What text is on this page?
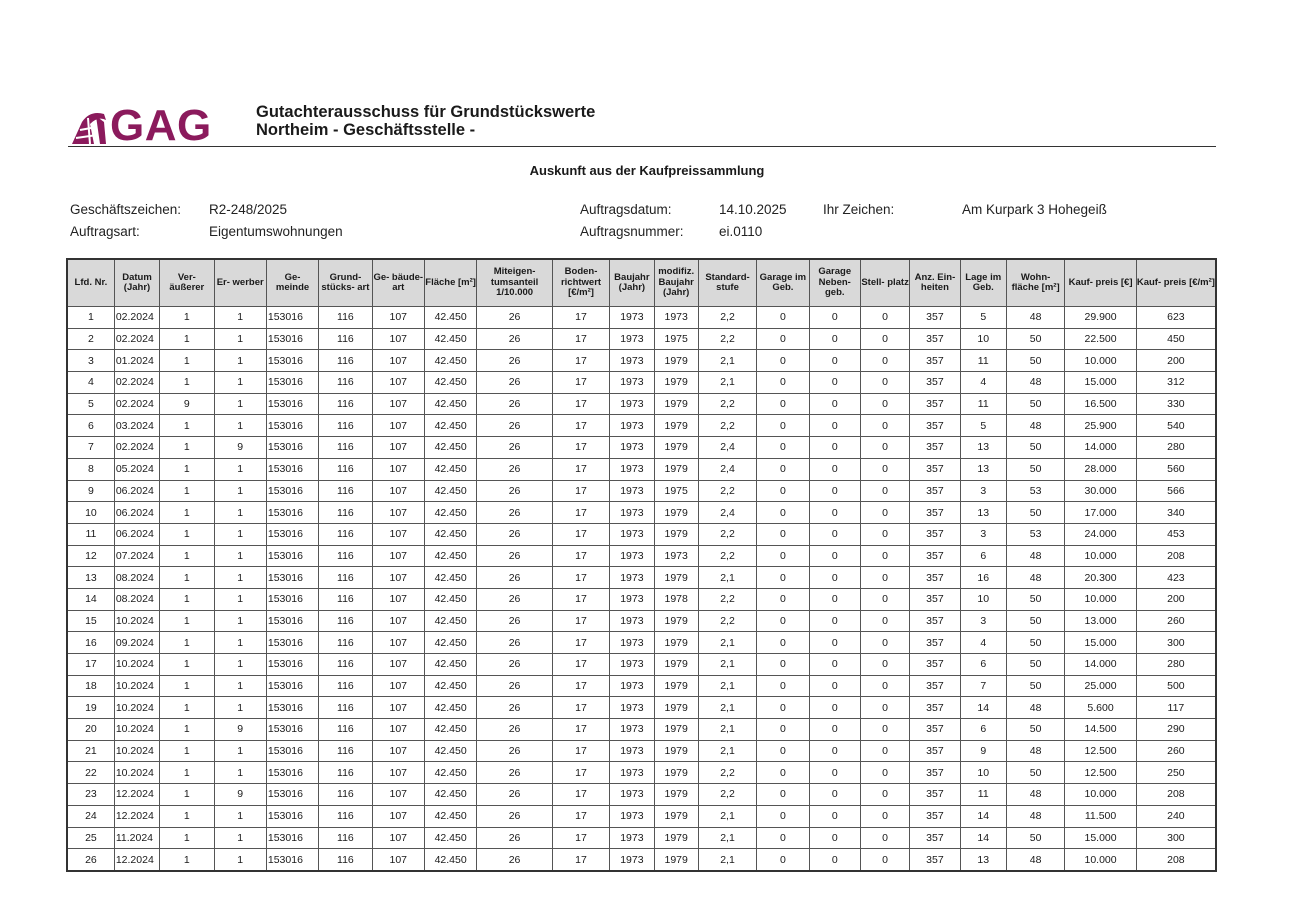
GAG	Gutachterausschuss für Grundstückswerte
Northeim - Geschäftsstelle -
Auskunft aus der Kaufpreissammlung
Geschäftszeichen: R2-248/2025
Auftragsart:	Eigentumswohnungen
Auftragsdatum:	14.10.2025
Auftragsnummer:	ei.0110
Ihr Zeichen:	Am Kurpark 3 Hohegeiß
Lfd. Nr.	Datum (Jahr)	Ver- äußerer	Er- werber	Ge- meinde	Grund- stücks- art	Ge- bäude- art	Fläche [m²]	Miteigen- tumsanteil 1/10.000	Boden- richtwert [€/m²]	Baujahr (Jahr)	modifiz. Baujahr (Jahr)	Standard- stufe	Garage im Geb.	Garage Neben- geb.	Stell- platz	Anz. Ein- heiten	Lage im Geb.	Wohn- fläche [m²]	Kauf- preis [€]	Kauf- preis [€/m²]
1	02.2024	1	1	153016	116	107	42.450	26	17	1973	1973	2,2	0	0	0	357	5	48	29.900	623
2	02.2024	1	1	153016	116	107	42.450	26	17	1973	1975	2,2	0	0	0	357	10	50	22.500	450
3	01.2024	1	1	153016	116	107	42.450	26	17	1973	1979	2,1	0	0	0	357	11	50	10.000	200
4	02.2024	1	1	153016	116	107	42.450	26	17	1973	1979	2,1	0	0	0	357	4	48	15.000	312
5	02.2024	9	1	153016	116	107	42.450	26	17	1973	1979	2,2	0	0	0	357	11	50	16.500	330
6	03.2024	1	1	153016	116	107	42.450	26	17	1973	1979	2,2	0	0	0	357	5	48	25.900	540
7	02.2024	1	9	153016	116	107	42.450	26	17	1973	1979	2,4	0	0	0	357	13	50	14.000	280
8	05.2024	1	1	153016	116	107	42.450	26	17	1973	1979	2,4	0	0	0	357	13	50	28.000	560
9	06.2024	1	1	153016	116	107	42.450	26	17	1973	1975	2,2	0	0	0	357	3	53	30.000	566
10	06.2024	1	1	153016	116	107	42.450	26	17	1973	1979	2,4	0	0	0	357	13	50	17.000	340
11	06.2024	1	1	153016	116	107	42.450	26	17	1973	1979	2,2	0	0	0	357	3	53	24.000	453
12	07.2024	1	1	153016	116	107	42.450	26	17	1973	1973	2,2	0	0	0	357	6	48	10.000	208
13	08.2024	1	1	153016	116	107	42.450	26	17	1973	1979	2,1	0	0	0	357	16	48	20.300	423
14	08.2024	1	1	153016	116	107	42.450	26	17	1973	1978	2,2	0	0	0	357	10	50	10.000	200
15	10.2024	1	1	153016	116	107	42.450	26	17	1973	1979	2,2	0	0	0	357	3	50	13.000	260
16	09.2024	1	1	153016	116	107	42.450	26	17	1973	1979	2,1	0	0	0	357	4	50	15.000	300
17	10.2024	1	1	153016	116	107	42.450	26	17	1973	1979	2,1	0	0	0	357	6	50	14.000	280
18	10.2024	1	1	153016	116	107	42.450	26	17	1973	1979	2,1	0	0	0	357	7	50	25.000	500
19	10.2024	1	1	153016	116	107	42.450	26	17	1973	1979	2,1	0	0	0	357	14	48	5.600	117
20	10.2024	1	9	153016	116	107	42.450	26	17	1973	1979	2,1	0	0	0	357	6	50	14.500	290
21	10.2024	1	1	153016	116	107	42.450	26	17	1973	1979	2,1	0	0	0	357	9	48	12.500	260
22	10.2024	1	1	153016	116	107	42.450	26	17	1973	1979	2,2	0	0	0	357	10	50	12.500	250
23	12.2024	1	9	153016	116	107	42.450	26	17	1973	1979	2,2	0	0	0	357	11	48	10.000	208
24	12.2024	1	1	153016	116	107	42.450	26	17	1973	1979	2,1	0	0	0	357	14	48	11.500	240
25	11.2024	1	1	153016	116	107	42.450	26	17	1973	1979	2,1	0	0	0	357	14	50	15.000	300
26	12.2024	1	1	153016	116	107	42.450	26	17	1973	1979	2,1	0	0	0	357	13	48	10.000	208
